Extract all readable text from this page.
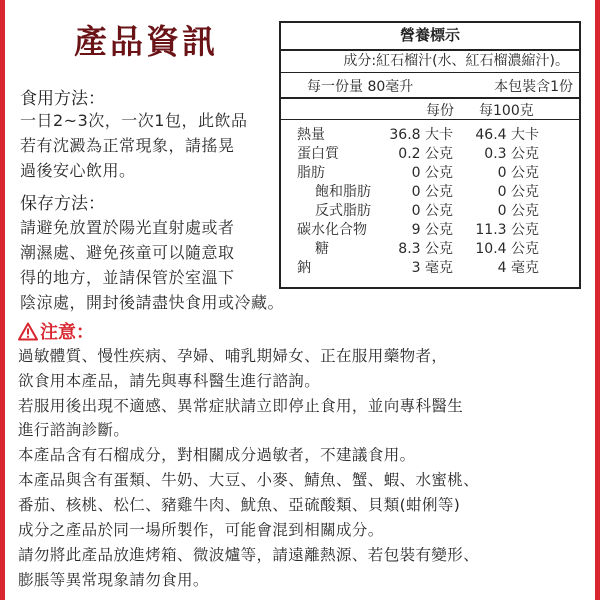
產品資訊
食用方法：
一日2~3次，一次1包，此飲品
若有沈澱為正常現象，請搖晃
過後安心飲用。
保存方法：
請避免放置於陽光直射處或者
潮濕處、避免孩童可以隨意取
得的地方，並請保管於室溫下
陰涼處，開封後請盡快食用或冷藏。
營養標示
成分:紅石榴汁(水、紅石榴濃縮汁)。
每一份量 80毫升	本包裝含1份
每份 每100克
熱量	36.8 大卡 46.4 大卡
蛋白質	0.2 公克 0.3 公克
脂肪	0 公克	0 公克
飽和脂肪	0 公克	0 公克
反式脂肪	0 公克	0 公克
碳水化合物	9 公克 11.3 公克
糖	8.3 公克 10.4 公克
鈉	3 毫克	4 毫克
注意：
過敏體質、慢性疾病、孕婦、哺乳期婦女、正在服用藥物者，
欲食用本產品，請先與專科醫生進行諮詢。
若服用後出現不適感、異常症狀請立即停止食用，並向專科醫生
進行諮詢診斷。
本產品含有石榴成分，對相關成分過敏者，不建議食用。
本產品與含有蛋類、牛奶、大豆、小麥、鯖魚、蟹、蝦、水蜜桃、
番茄、核桃、松仁、豬雞牛肉、魷魚、亞硫酸類、貝類(蚶俐等)
成分之產品於同一場所製作，可能會混到相關成分。
請勿將此產品放進烤箱、微波爐等，請遠離熱源、若包裝有變形、
膨脹等異常現象請勿食用。
